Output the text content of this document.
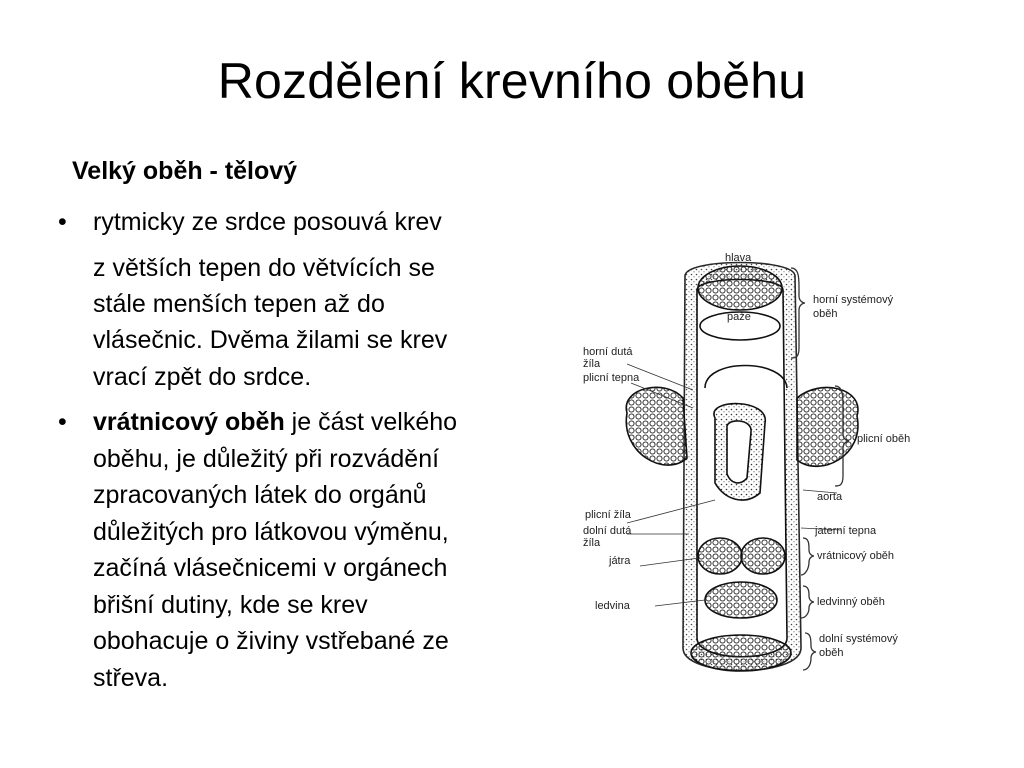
Rozdělení krevního oběhu
Velký oběh - tělový
• rytmicky ze srdce posouvá krev
z větších tepen do větvících se
stále menších tepen až do
vlásečnic. Dvěma žilami se krev
vrací zpět do srdce.
• vrátnicový oběh je část velkého
oběhu, je důležitý při rozvádění
zpracovaných látek do orgánů
důležitých pro látkovou výměnu,
začíná vlásečnicemi v orgánech
břišní dutiny, kde se krev
obohacuje o živiny vstřebané ze
střeva.
hlava
paže
horní systémový
oběh
horní dutá
žíla
plicní tepna
plicní oběh
aorta
plicní žíla
dolní dutá
žíla
jaterní tepna
vrátnicový oběh
játra
ledvina	ledvinný oběh
dolní systémový
oběh
